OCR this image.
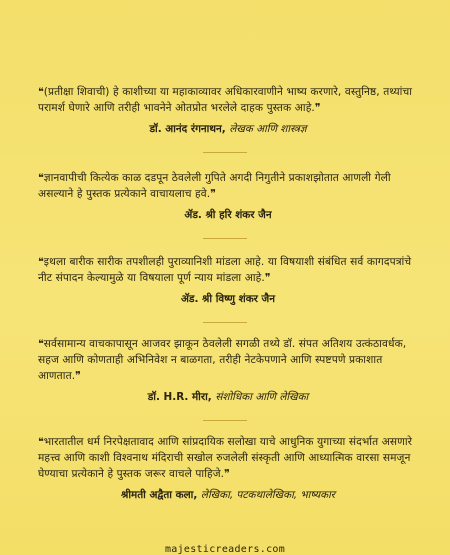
❝(प्रतीक्षा शिवाची) हे काशीच्या या महाकाव्यावर अधिकारवाणीने भाष्य करणारे, वस्तुनिष्ठ, तथ्यांचा परामर्श घेणारे आणि तरीही भावनेने ओतप्रोत भरलेले दाहक पुस्तक आहे.❞

डॉ. आनंद रंगनाथन, लेखक आणि शास्त्रज्ञ

❝ज्ञानवापीची कित्येक काळ दडपून ठेवलेली गुपिते अगदी निगुतीने प्रकाशझोतात आणली गेली असल्याने हे पुस्तक प्रत्येकाने वाचायलाच हवे.❞

ॲड. श्री हरि शंकर जैन

❝इथला बारीक सारीक तपशीलही पुराव्यानिशी मांडला आहे. या विषयाशी संबंधित सर्व कागदपत्रांचे नीट संपादन केल्यामुळे या विषयाला पूर्ण न्याय मांडला आहे.❞

ॲड. श्री विष्णु शंकर जैन

❝सर्वसामान्य वाचकापासून आजवर झाकून ठेवलेली सगळी तथ्ये डॉ. संपत अतिशय उत्कंठावर्धक, सहज आणि कोणताही अभिनिवेश न बाळगता, तरीही नेटकेपणाने आणि स्पष्टपणे प्रकाशात आणतात.❞

डॉ. H.R. मीरा, संशोधिका आणि लेखिका

❝भारतातील धर्म निरपेक्षतावाद आणि सांप्रदायिक सलोखा याचे आधुनिक युगाच्या संदर्भात असणारे महत्त्व आणि काशी विश्वनाथ मंदिराची सखोल रुजलेली संस्कृती आणि आध्यात्मिक वारसा समजून घेण्याचा प्रत्येकाने हे पुस्तक जरूर वाचले पाहिजे.❞

श्रीमती अद्वैता कला, लेखिका, पटकथालेखिका, भाष्यकार
majesticreaders.com
